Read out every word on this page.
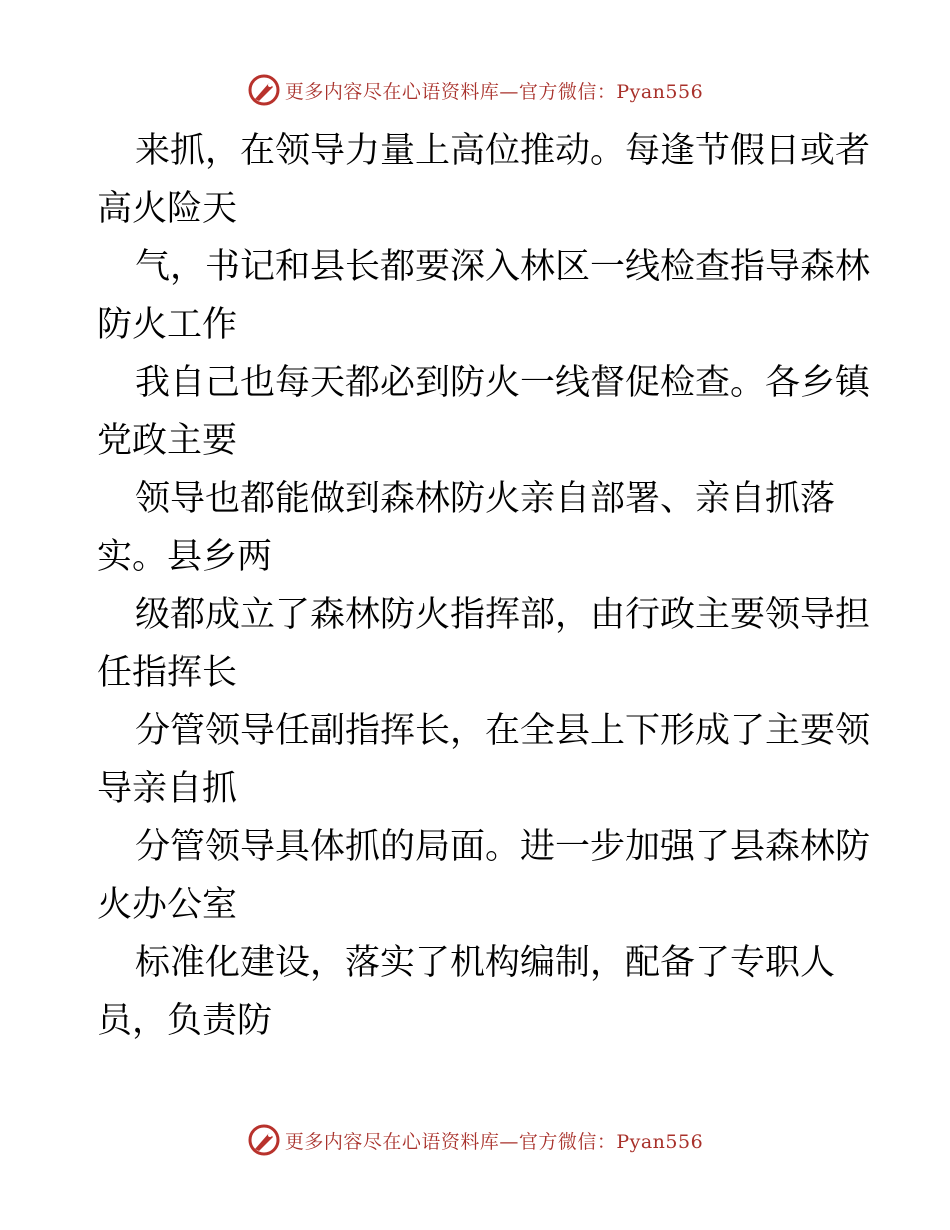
更多内容尽在心语资料库—官方微信：Pyan556

来抓，在领导力量上高位推动。每逢节假日或者
高火险天

气，书记和县长都要深入林区一线检查指导森林
防火工作

我自己也每天都必到防火一线督促检查。各乡镇
党政主要

领导也都能做到森林防火亲自部署、亲自抓落
实。县乡两

级都成立了森林防火指挥部，由行政主要领导担
任指挥长

分管领导任副指挥长，在全县上下形成了主要领
导亲自抓

分管领导具体抓的局面。进一步加强了县森林防
火办公室

标准化建设，落实了机构编制，配备了专职人
员，负责防

更多内容尽在心语资料库—官方微信：Pyan556
